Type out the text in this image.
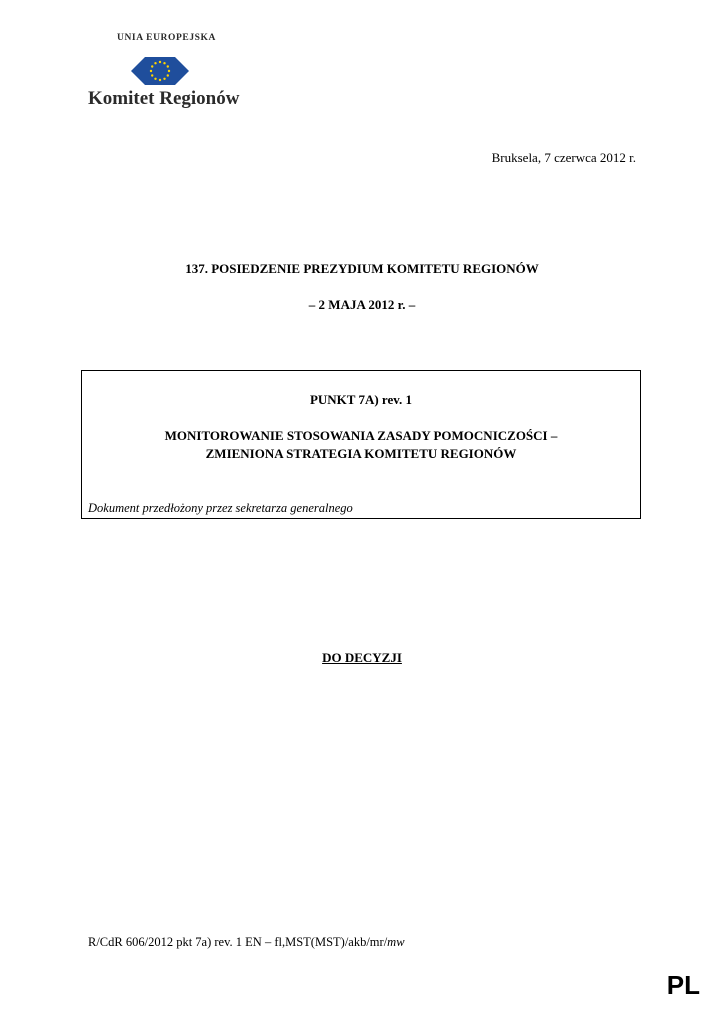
UNIA EUROPEJSKA
Komitet Regionów
Bruksela, 7 czerwca 2012 r.
137. POSIEDZENIE PREZYDIUM KOMITETU REGIONÓW
– 2 MAJA 2012 r. –
PUNKT 7A) rev. 1
MONITOROWANIE STOSOWANIA ZASADY POMOCNICZOŚCI –
ZMIENIONA STRATEGIA KOMITETU REGIONÓW
Dokument przedłożony przez sekretarza generalnego
DO DECYZJI
R/CdR 606/2012 pkt 7a) rev. 1 EN – fl,MST(MST)/akb/mr/mw
PL
